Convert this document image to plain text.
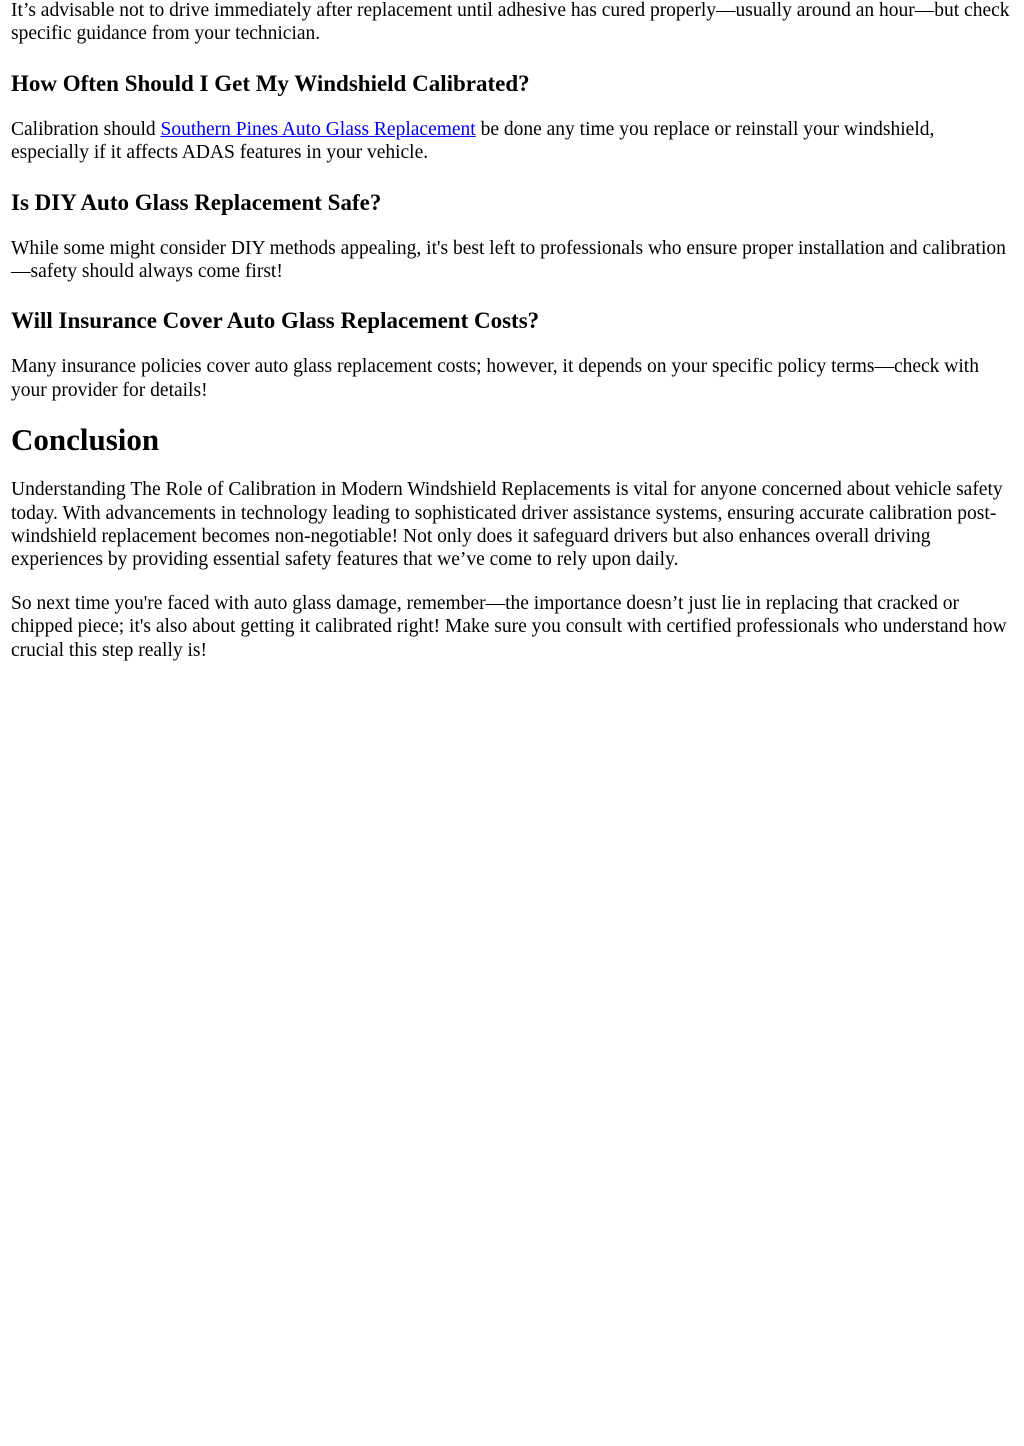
It’s advisable not to drive immediately after replacement until adhesive has cured properly—usually around an hour—but check specific guidance from your technician.

How Often Should I Get My Windshield Calibrated?

Calibration should Southern Pines Auto Glass Replacement be done any time you replace or reinstall your windshield, especially if it affects ADAS features in your vehicle.

Is DIY Auto Glass Replacement Safe?

While some might consider DIY methods appealing, it's best left to professionals who ensure proper installation and calibration—safety should always come first!

Will Insurance Cover Auto Glass Replacement Costs?

Many insurance policies cover auto glass replacement costs; however, it depends on your specific policy terms—check with your provider for details!

Conclusion

Understanding The Role of Calibration in Modern Windshield Replacements is vital for anyone concerned about vehicle safety today. With advancements in technology leading to sophisticated driver assistance systems, ensuring accurate calibration post-windshield replacement becomes non-negotiable! Not only does it safeguard drivers but also enhances overall driving experiences by providing essential safety features that we’ve come to rely upon daily.

So next time you're faced with auto glass damage, remember—the importance doesn’t just lie in replacing that cracked or chipped piece; it's also about getting it calibrated right! Make sure you consult with certified professionals who understand how crucial this step really is!
